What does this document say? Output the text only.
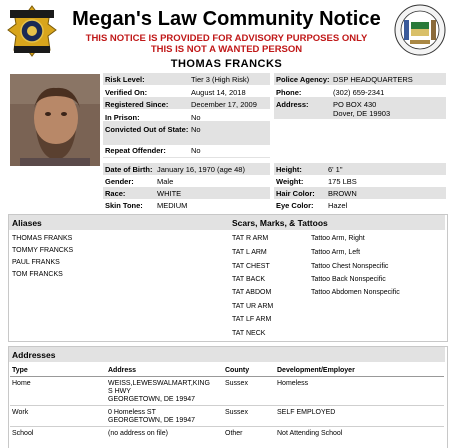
Megan's Law Community Notice
THIS NOTICE IS PROVIDED FOR ADVISORY PURPOSES ONLY
THIS IS NOT A WANTED PERSON
THOMAS FRANCKS
Risk Level:	Tier 3 (High Risk)
Verified On:	August 14, 2018
Registered Since:	December 17, 2009
In Prison:	No
Convicted Out of State: No
Repeat Offender:	No
Police Agency: DSP HEADQUARTERS
Phone:	(302) 659-2341
Address:	PO BOX 430
Dover, DE 19903
Date of Birth: January 16, 1970 (age 48)
Gender:	Male
Race:	WHITE
Skin Tone: MEDIUM
Height:	6' 1"
Weight:	175 LBS
Hair Color: BROWN
Eye Color: Hazel
Aliases	Scars, Marks, & Tattoos
THOMAS FRANKS
TOMMY FRANCKS
PAUL FRANKS
TOM FRANCKS
TAT R ARM	Tattoo Arm, Right
TAT L ARM	Tattoo Arm, Left
TAT CHEST	Tattoo Chest Nonspecific
TAT BACK	Tattoo Back Nonspecific
TAT ABDOM	Tattoo Abdomen Nonspecific
TAT UR ARM
TAT LF ARM
TAT NECK
Addresses
Type	Address	County	Development/Employer
Home	WEISS,LEWESWALMART,KING
S HWY
GEORGETOWN, DE 19947
Sussex	Homeless
Work	0 Homeless ST
GEORGETOWN, DE 19947
Sussex	SELF EMPLOYED
School	(no address on file)	Other	Not Attending School
